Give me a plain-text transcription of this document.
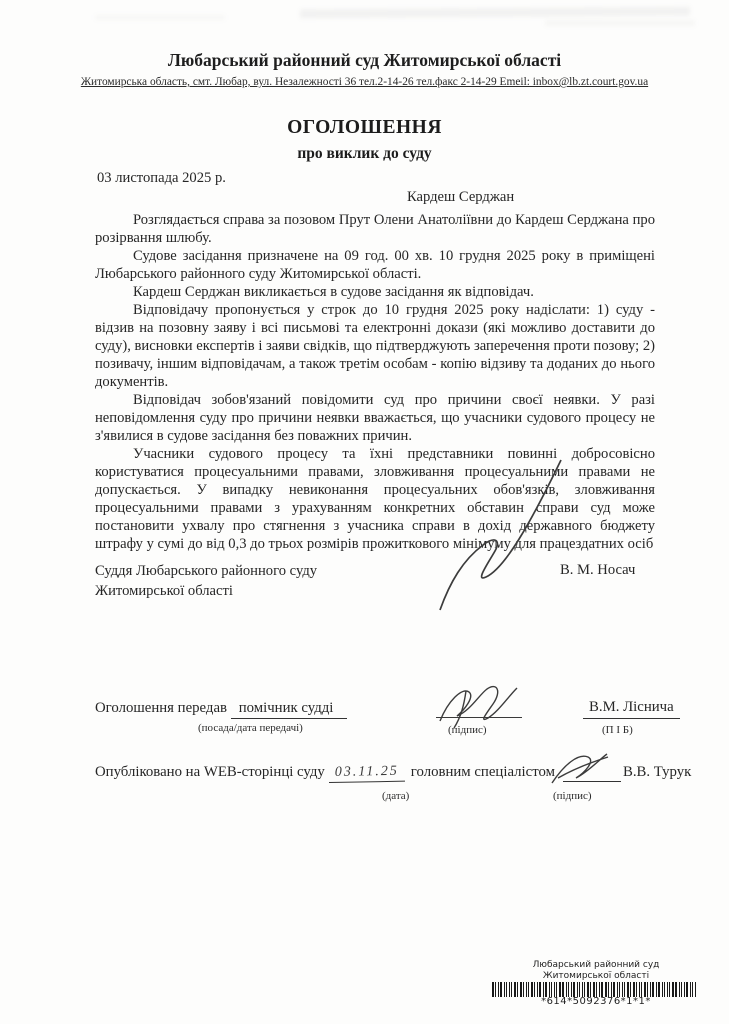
Любарський районний суд Житомирської області
Житомирська область, смт. Любар, вул. Незалежності 36 тел.2-14-26 тел.факс 2-14-29 Emeil: inbox@lb.zt.court.gov.ua
ОГОЛОШЕННЯ
про виклик до суду
03 листопада 2025 р.
Кардеш Серджан

Розглядається справа за позовом Прут Олени Анатоліївни до Кардеш Серджана про розірвання шлюбу.

Судове засідання призначене на 09 год. 00 хв. 10 грудня 2025 року в приміщені Любарського районного суду Житомирської області.

Кардеш Серджан викликається в судове засідання як відповідач.

Відповідачу пропонується у строк до 10 грудня 2025 року надіслати: 1) суду - відзив на позовну заяву і всі письмові та електронні докази (які можливо доставити до суду), висновки експертів і заяви свідків, що підтверджують заперечення проти позову; 2) позивачу, іншим відповідачам, а також третім особам - копію відзиву та доданих до нього документів.

Відповідач зобов'язаний повідомити суд про причини своєї неявки. У разі неповідомлення суду про причини неявки вважається, що учасники судового процесу не з'явилися в судове засідання без поважних причин.

Учасники судового процесу та їхні представники повинні добросовісно користуватися процесуальними правами, зловживання процесуальними правами не допускається. У випадку невиконання процесуальних обов'язків, зловживання процесуальними правами з урахуванням конкретних обставин справи суд може постановити ухвалу про стягнення з учасника справи в дохід державного бюджету штрафу у сумі до від 0,3 до трьох розмірів прожиткового мінімуму для працездатних осіб

Суддя Любарського районного суду
Житомирської області
В. М. Носач
Оголошення передав помічник судді	В.М. Ліснича
(посада/дата передачі)	(підпис)	(П І Б)
Опубліковано на WEB-сторінці суду 03.11.25 головним спеціалістом	В.В. Турук
(дата)	(підпис)
Любарський районний суд
Житомирської області
*614*5092376*1*1*
